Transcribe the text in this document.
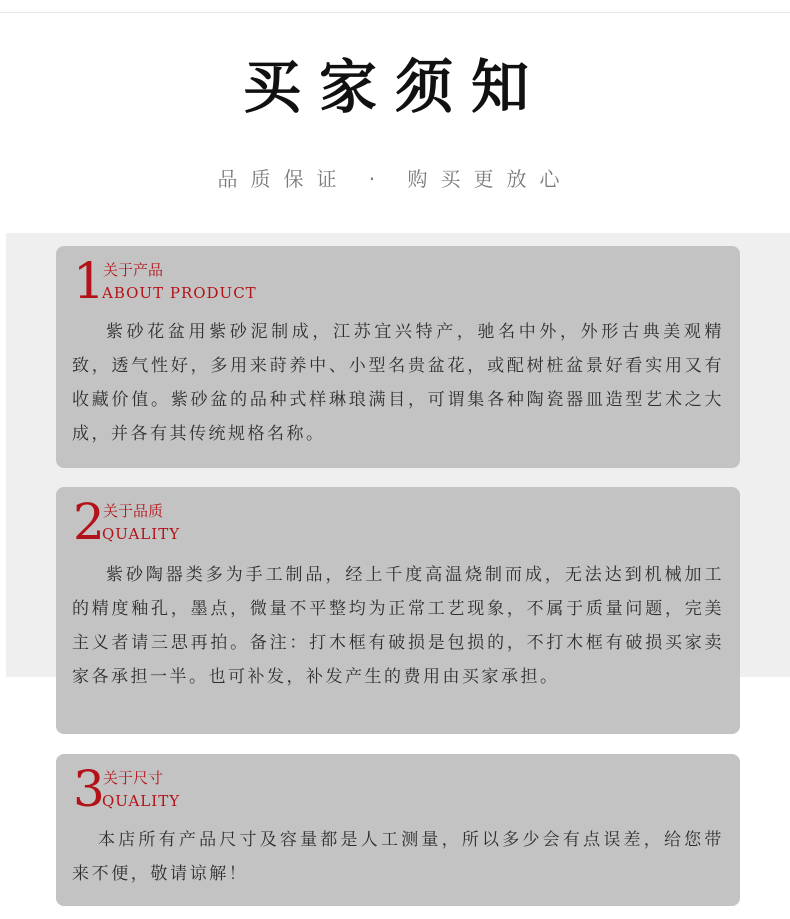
买家须知
品质保证 · 购买更放心
1
关于产品
ABOUT PRODUCT

紫砂花盆用紫砂泥制成，江苏宜兴特产，驰名中外，外形古典美观精致，透气性好，多用来莳养中、小型名贵盆花，或配树桩盆景好看实用又有收藏价值。紫砂盆的品种式样琳琅满目，可谓集各种陶瓷器皿造型艺术之大成，并各有其传统规格名称。

2
关于品质
QUALITY

紫砂陶器类多为手工制品，经上千度高温烧制而成，无法达到机械加工的精度釉孔，墨点，微量不平整均为正常工艺现象，不属于质量问题，完美主义者请三思再拍。备注：打木框有破损是包损的，不打木框有破损买家卖家各承担一半。也可补发，补发产生的费用由买家承担。

3
关于尺寸
QUALITY

本店所有产品尺寸及容量都是人工测量，所以多少会有点误差，给您带来不便，敬请谅解！
